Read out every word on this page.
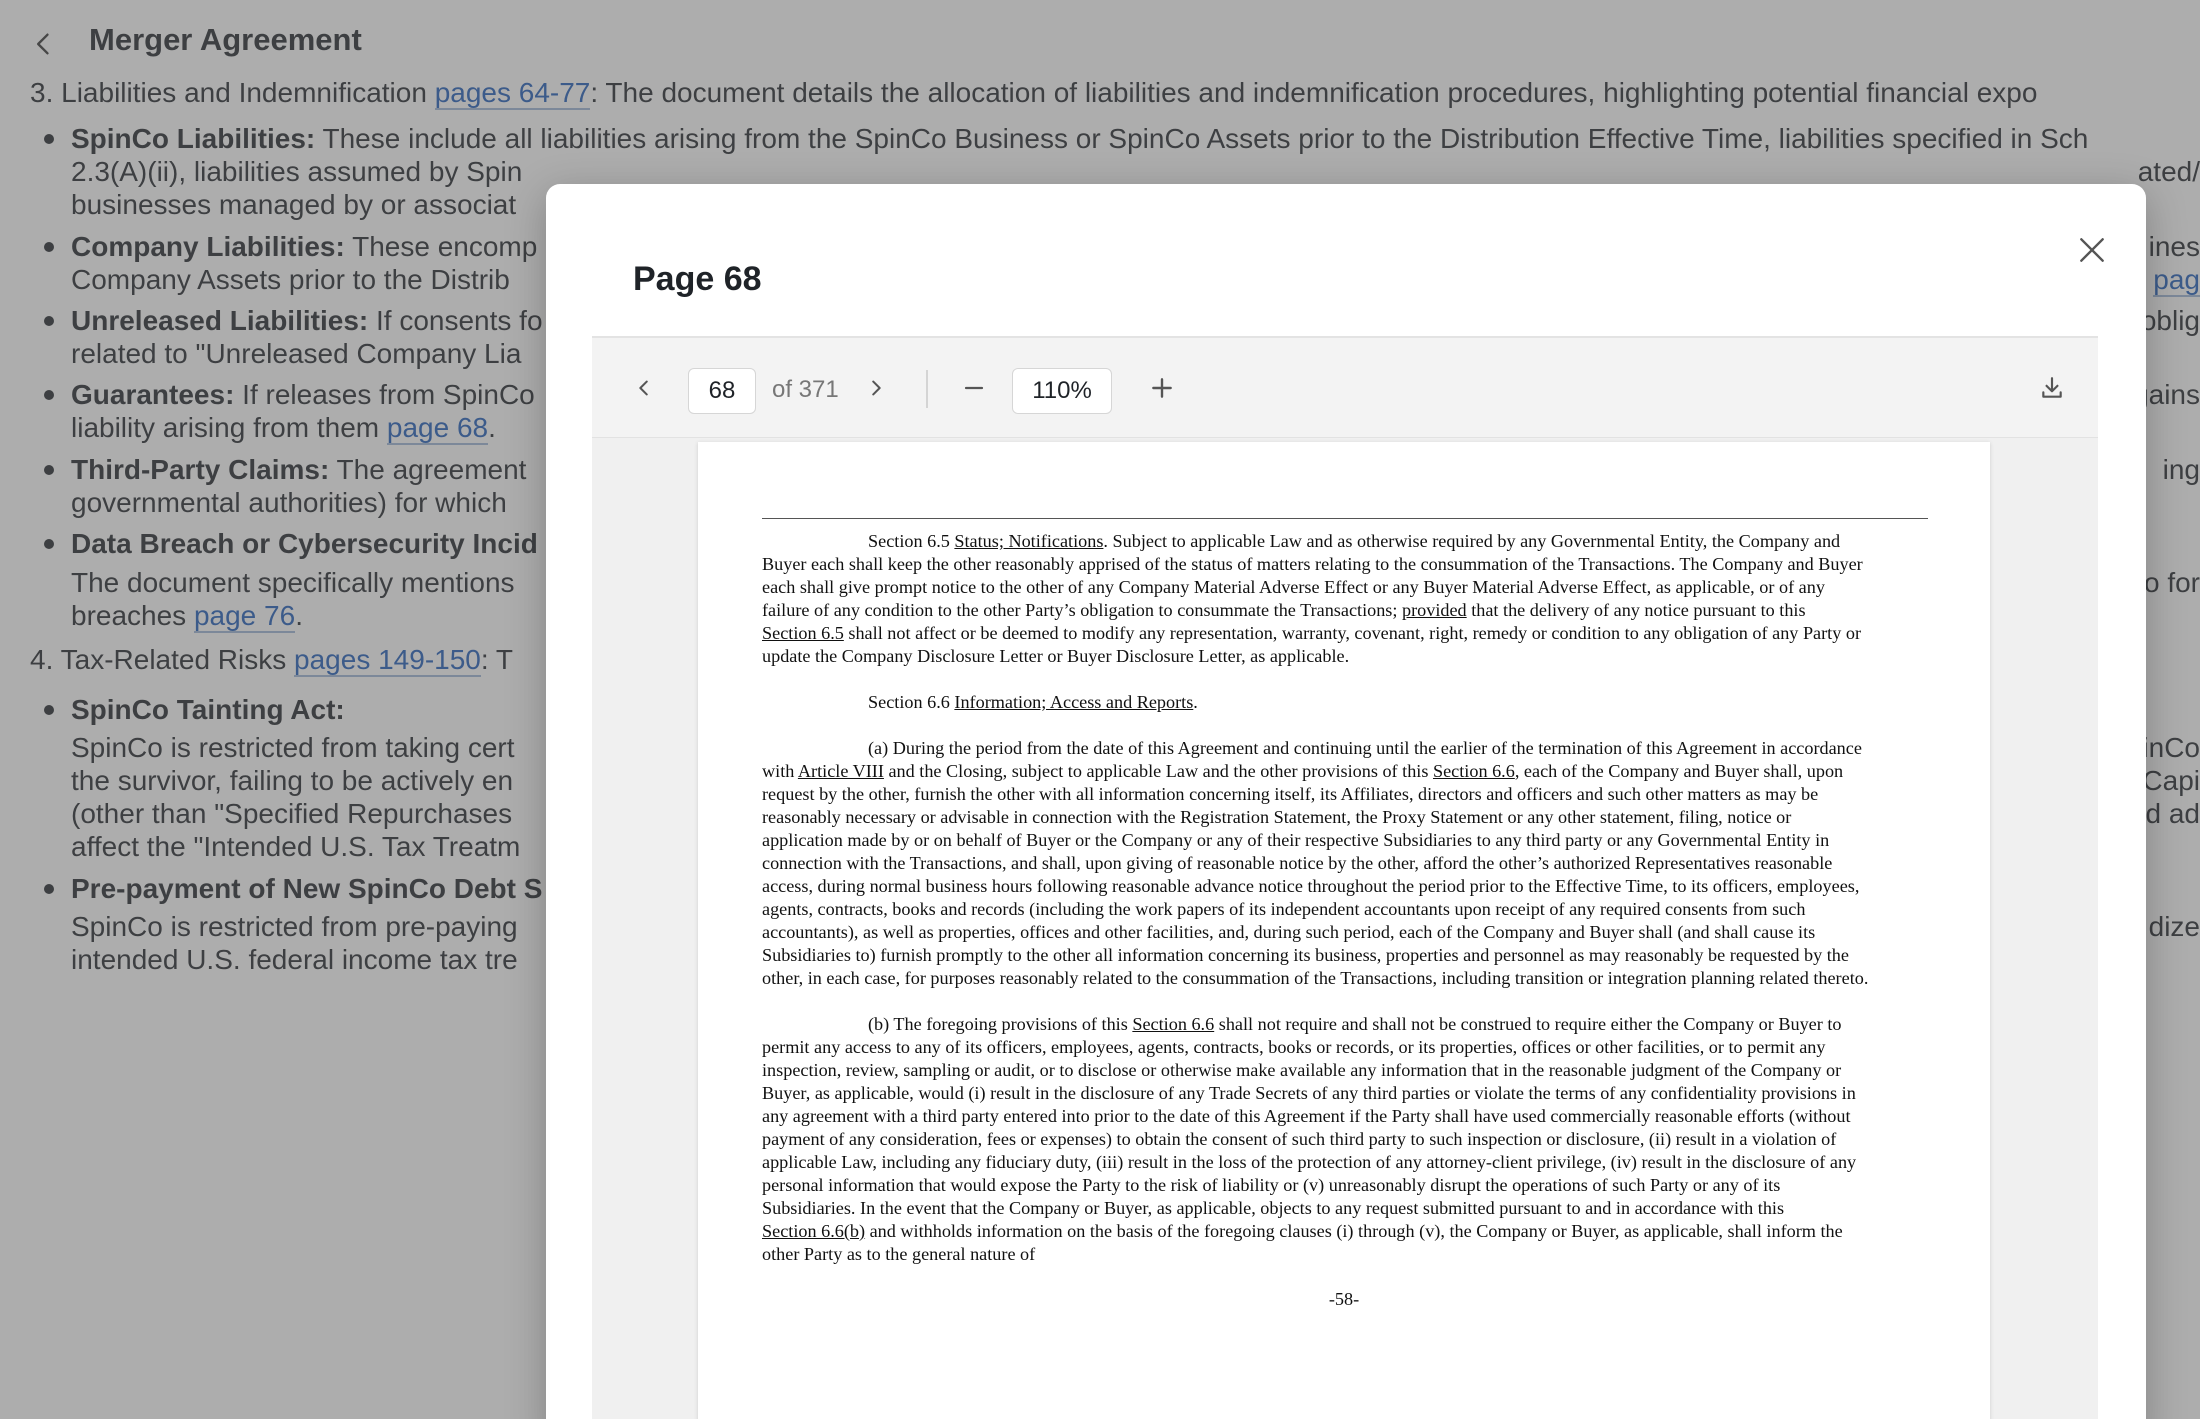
Page 68
68	of 371	110%
-58-
Section 6.5 Status; Notifications. Subject to applicable Law and as otherwise required by any Governmental Entity, the Company and
Buyer each shall keep the other reasonably apprised of the status of matters relating to the consummation of the Transactions. The Company and Buyer
each shall give prompt notice to the other of any Company Material Adverse Effect or any Buyer Material Adverse Effect, as applicable, or of any
failure of any condition to the other Party’s obligation to consummate the Transactions; provided that the delivery of any notice pursuant to this
Section 6.5 shall not affect or be deemed to modify any representation, warranty, covenant, right, remedy or condition to any obligation of any Party or
update the Company Disclosure Letter or Buyer Disclosure Letter, as applicable.
Section 6.6 Information; Access and Reports.
(a) During the period from the date of this Agreement and continuing until the earlier of the termination of this Agreement in accordance
with Article VIII and the Closing, subject to applicable Law and the other provisions of this Section 6.6, each of the Company and Buyer shall, upon
request by the other, furnish the other with all information concerning itself, its Affiliates, directors and officers and such other matters as may be
reasonably necessary or advisable in connection with the Registration Statement, the Proxy Statement or any other statement, filing, notice or
application made by or on behalf of Buyer or the Company or any of their respective Subsidiaries to any third party or any Governmental Entity in
connection with the Transactions, and shall, upon giving of reasonable notice by the other, afford the other’s authorized Representatives reasonable
access, during normal business hours following reasonable advance notice throughout the period prior to the Effective Time, to its officers, employees,
agents, contracts, books and records (including the work papers of its independent accountants upon receipt of any required consents from such
accountants), as well as properties, offices and other facilities, and, during such period, each of the Company and Buyer shall (and shall cause its
Subsidiaries to) furnish promptly to the other all information concerning its business, properties and personnel as may reasonably be requested by the
other, in each case, for purposes reasonably related to the consummation of the Transactions, including transition or integration planning related thereto.
(b) The foregoing provisions of this Section 6.6 shall not require and shall not be construed to require either the Company or Buyer to
permit any access to any of its officers, employees, agents, contracts, books or records, or its properties, offices or other facilities, or to permit any
inspection, review, sampling or audit, or to disclose or otherwise make available any information that in the reasonable judgment of the Company or
Buyer, as applicable, would (i) result in the disclosure of any Trade Secrets of any third parties or violate the terms of any confidentiality provisions in
any agreement with a third party entered into prior to the date of this Agreement if the Party shall have used commercially reasonable efforts (without
payment of any consideration, fees or expenses) to obtain the consent of such third party to such inspection or disclosure, (ii) result in a violation of
applicable Law, including any fiduciary duty, (iii) result in the loss of the protection of any attorney-client privilege, (iv) result in the disclosure of any
personal information that would expose the Party to the risk of liability or (v) unreasonably disrupt the operations of such Party or any of its
Subsidiaries. In the event that the Company or Buyer, as applicable, objects to any request submitted pursuant to and in accordance with this
Section 6.6(b) and withholds information on the basis of the foregoing clauses (i) through (v), the Company or Buyer, as applicable, shall inform the
other Party as to the general nature of
